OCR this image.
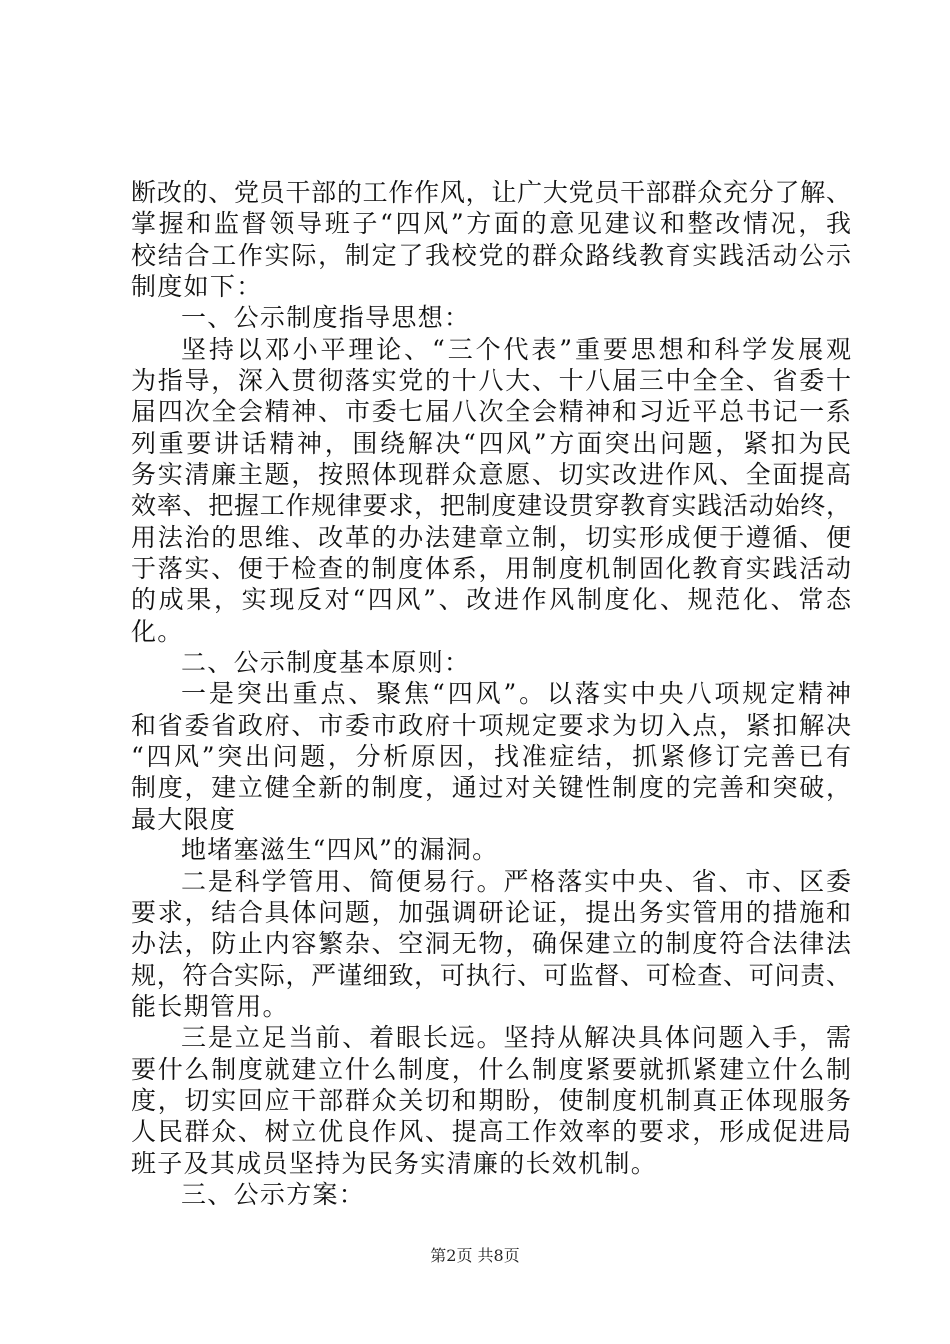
断改的、党员干部的工作作风，让广大党员干部群众充分了解、
掌握和监督领导班子“四风”方面的意见建议和整改情况，我
校结合工作实际，制定了我校党的群众路线教育实践活动公示
制度如下：
一、公示制度指导思想：
坚持以邓小平理论、“三个代表”重要思想和科学发展观
为指导，深入贯彻落实党的十八大、十八届三中全全、省委十
届四次全会精神、市委七届八次全会精神和习近平总书记一系
列重要讲话精神，围绕解决“四风”方面突出问题，紧扣为民
务实清廉主题，按照体现群众意愿、切实改进作风、全面提高
效率、把握工作规律要求，把制度建设贯穿教育实践活动始终，
用法治的思维、改革的办法建章立制，切实形成便于遵循、便
于落实、便于检查的制度体系，用制度机制固化教育实践活动
的成果，实现反对“四风”、改进作风制度化、规范化、常态
化。
二、公示制度基本原则：
一是突出重点、聚焦“四风”。以落实中央八项规定精神
和省委省政府、市委市政府十项规定要求为切入点，紧扣解决
“四风”突出问题，分析原因，找准症结，抓紧修订完善已有
制度，建立健全新的制度，通过对关键性制度的完善和突破，
最大限度
地堵塞滋生“四风”的漏洞。
二是科学管用、简便易行。严格落实中央、省、市、区委
要求，结合具体问题，加强调研论证，提出务实管用的措施和
办法，防止内容繁杂、空洞无物，确保建立的制度符合法律法
规，符合实际，严谨细致，可执行、可监督、可检查、可问责、
能长期管用。
三是立足当前、着眼长远。坚持从解决具体问题入手，需
要什么制度就建立什么制度，什么制度紧要就抓紧建立什么制
度，切实回应干部群众关切和期盼，使制度机制真正体现服务
人民群众、树立优良作风、提高工作效率的要求，形成促进局
班子及其成员坚持为民务实清廉的长效机制。
三、公示方案：
第2页 共8页
